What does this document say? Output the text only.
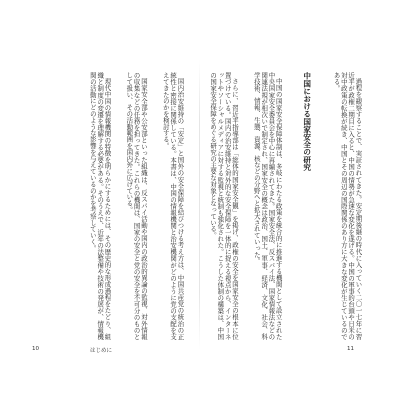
国内治安維持の「安定」と国外の安全保障を結びつける考え方は、中国共産党の統治の正統性と密接に関係している。本書は、中国の情報機関と治安機関がどのように党の支配を支えてきたのかを検討する。

国家安全部や公安部といった組織は、反スパイ活動や国内の政治的異論の監視、対外情報の収集などの任務を担ってきた。これらの機関は、国家の安全と党の安全を不可分のものとして扱い、その活動範囲を国内外に広げている。

現代中国の情報機関の特徴を明らかにするためには、その歴史的な形成過程をたどり、組織と制度の変遷を理解する必要がある。そのうえで、近年の法整備や技術の発展が、情報機関の活動にどのような影響を与えているのかを考察していく。

	過程を観察することで、実証されてきた。安定期後継の時代に入っていく二〇一七年に習近平が政権二期目に入ると、中国の情勢が急速な変化を遂げる。中国の軍事的台頭や日米の対中政策の転換が続き、中国とその周辺の国際関係のあり方に大きな変化が生じているのである。

中国における国家安全の研究

中国の国家安全保障体制は、多岐にわたる政策を統合的に推進する機関として設立された中央国家安全委員会を中心に再編されてきた。国家安全法、反スパイ法、国家情報法などの関連法規が相次いで制定され、国家安全の概念は政治、国土、軍事、経済、文化、社会、科学技術、情報、生態、資源、核などの分野へと拡大されていった。

さらに、習近平指導部は「総体的国家安全観」を掲げ、政権の安全を国家安全の根本に位置づけている。国内の治安維持と対外的な安全保障を一体的に捉える視点から、インターネットやソーシャルメディアに対する監視と統制も強化された。こうした体制の構築は、中国の国家安全保障をめぐる研究の主要な対象となっている。

10	はじめに	11
